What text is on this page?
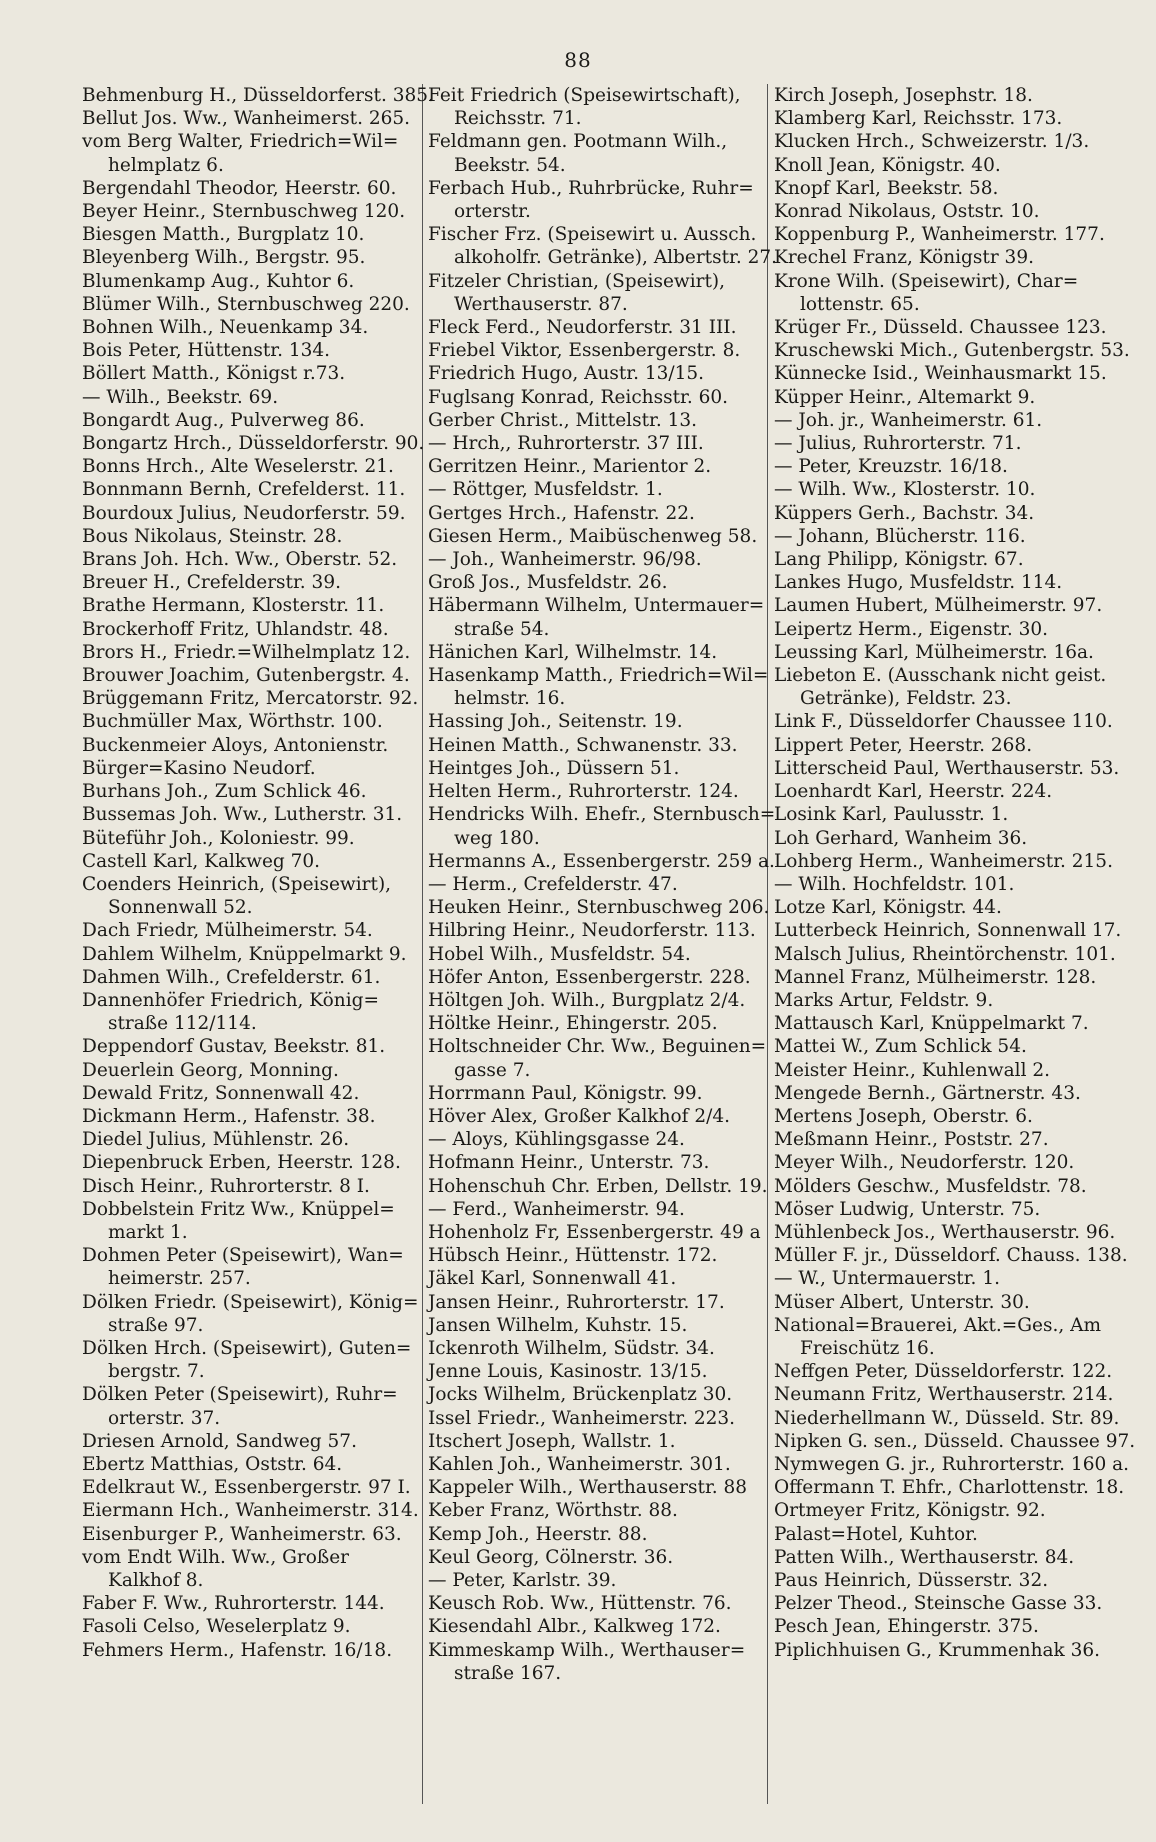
88
Behmenburg H., Düsseldorferst. 385.
Bellut Jos. Ww., Wanheimerst. 265.
vom Berg Walter, Friedrich=Wil=
helmplatz 6.
Bergendahl Theodor, Heerstr. 60.
Beyer Heinr., Sternbuschweg 120.
Biesgen Matth., Burgplatz 10.
Bleyenberg Wilh., Bergstr. 95.
Blumenkamp Aug., Kuhtor 6.
Blümer Wilh., Sternbuschweg 220.
Bohnen Wilh., Neuenkamp 34.
Bois Peter, Hüttenstr. 134.
Böllert Matth., Königst r.73.
— Wilh., Beekstr. 69.
Bongardt Aug., Pulverweg 86.
Bongartz Hrch., Düsseldorferstr. 90.
Bonns Hrch., Alte Weselerstr. 21.
Bonnmann Bernh, Crefelderst. 11.
Bourdoux Julius, Neudorferstr. 59.
Bous Nikolaus, Steinstr. 28.
Brans Joh. Hch. Ww., Oberstr. 52.
Breuer H., Crefelderstr. 39.
Brathe Hermann, Klosterstr. 11.
Brockerhoff Fritz, Uhlandstr. 48.
Brors H., Friedr.=Wilhelmplatz 12.
Brouwer Joachim, Gutenbergstr. 4.
Brüggemann Fritz, Mercatorstr. 92.
Buchmüller Max, Wörthstr. 100.
Buckenmeier Aloys, Antonienstr.
Bürger=Kasino Neudorf.
Burhans Joh., Zum Schlick 46.
Bussemas Joh. Ww., Lutherstr. 31.
Büteführ Joh., Koloniestr. 99.
Castell Karl, Kalkweg 70.
Coenders Heinrich, (Speisewirt),
Sonnenwall 52.
Dach Friedr, Mülheimerstr. 54.
Dahlem Wilhelm, Knüppelmarkt 9.
Dahmen Wilh., Crefelderstr. 61.
Dannenhöfer Friedrich, König=
straße 112/114.
Deppendorf Gustav, Beekstr. 81.
Deuerlein Georg, Monning.
Dewald Fritz, Sonnenwall 42.
Dickmann Herm., Hafenstr. 38.
Diedel Julius, Mühlenstr. 26.
Diepenbruck Erben, Heerstr. 128.
Disch Heinr., Ruhrorterstr. 8 I.
Dobbelstein Fritz Ww., Knüppel=
markt 1.
Dohmen Peter (Speisewirt), Wan=
heimerstr. 257.
Dölken Friedr. (Speisewirt), König=
straße 97.
Dölken Hrch. (Speisewirt), Guten=
bergstr. 7.
Dölken Peter (Speisewirt), Ruhr=
orterstr. 37.
Driesen Arnold, Sandweg 57.
Ebertz Matthias, Oststr. 64.
Edelkraut W., Essenbergerstr. 97 I.
Eiermann Hch., Wanheimerstr. 314.
Eisenburger P., Wanheimerstr. 63.
vom Endt Wilh. Ww., Großer
Kalkhof 8.
Faber F. Ww., Ruhrorterstr. 144.
Fasoli Celso, Weselerplatz 9.
Fehmers Herm., Hafenstr. 16/18.
Feit Friedrich (Speisewirtschaft),
Reichsstr. 71.
Feldmann gen. Pootmann Wilh.,
Beekstr. 54.
Ferbach Hub., Ruhrbrücke, Ruhr=
orterstr.
Fischer Frz. (Speisewirt u. Aussch.
alkoholfr. Getränke), Albertstr. 27.
Fitzeler Christian, (Speisewirt),
Werthauserstr. 87.
Fleck Ferd., Neudorferstr. 31 III.
Friebel Viktor, Essenbergerstr. 8.
Friedrich Hugo, Austr. 13/15.
Fuglsang Konrad, Reichsstr. 60.
Gerber Christ., Mittelstr. 13.
— Hrch,, Ruhrorterstr. 37 III.
Gerritzen Heinr., Marientor 2.
— Röttger, Musfeldstr. 1.
Gertges Hrch., Hafenstr. 22.
Giesen Herm., Maibüschenweg 58.
— Joh., Wanheimerstr. 96/98.
Groß Jos., Musfeldstr. 26.
Häbermann Wilhelm, Untermauer=
straße 54.
Hänichen Karl, Wilhelmstr. 14.
Hasenkamp Matth., Friedrich=Wil=
helmstr. 16.
Hassing Joh., Seitenstr. 19.
Heinen Matth., Schwanenstr. 33.
Heintges Joh., Düssern 51.
Helten Herm., Ruhrorterstr. 124.
Hendricks Wilh. Ehefr., Sternbusch=
weg 180.
Hermanns A., Essenbergerstr. 259 a.
— Herm., Crefelderstr. 47.
Heuken Heinr., Sternbuschweg 206.
Hilbring Heinr., Neudorferstr. 113.
Hobel Wilh., Musfeldstr. 54.
Höfer Anton, Essenbergerstr. 228.
Höltgen Joh. Wilh., Burgplatz 2/4.
Höltke Heinr., Ehingerstr. 205.
Holtschneider Chr. Ww., Beguinen=
gasse 7.
Horrmann Paul, Königstr. 99.
Höver Alex, Großer Kalkhof 2/4.
— Aloys, Kühlingsgasse 24.
Hofmann Heinr., Unterstr. 73.
Hohenschuh Chr. Erben, Dellstr. 19.
— Ferd., Wanheimerstr. 94.
Hohenholz Fr, Essenbergerstr. 49 a
Hübsch Heinr., Hüttenstr. 172.
Jäkel Karl, Sonnenwall 41.
Jansen Heinr., Ruhrorterstr. 17.
Jansen Wilhelm, Kuhstr. 15.
Ickenroth Wilhelm, Südstr. 34.
Jenne Louis, Kasinostr. 13/15.
Jocks Wilhelm, Brückenplatz 30.
Issel Friedr., Wanheimerstr. 223.
Itschert Joseph, Wallstr. 1.
Kahlen Joh., Wanheimerstr. 301.
Kappeler Wilh., Werthauserstr. 88
Keber Franz, Wörthstr. 88.
Kemp Joh., Heerstr. 88.
Keul Georg, Cölnerstr. 36.
— Peter, Karlstr. 39.
Keusch Rob. Ww., Hüttenstr. 76.
Kiesendahl Albr., Kalkweg 172.
Kimmeskamp Wilh., Werthauser=
straße 167.
Kirch Joseph, Josephstr. 18.
Klamberg Karl, Reichsstr. 173.
Klucken Hrch., Schweizerstr. 1/3.
Knoll Jean, Königstr. 40.
Knopf Karl, Beekstr. 58.
Konrad Nikolaus, Oststr. 10.
Koppenburg P., Wanheimerstr. 177.
Krechel Franz, Königstr 39.
Krone Wilh. (Speisewirt), Char=
lottenstr. 65.
Krüger Fr., Düsseld. Chaussee 123.
Kruschewski Mich., Gutenbergstr. 53.
Künnecke Isid., Weinhausmarkt 15.
Küpper Heinr., Altemarkt 9.
— Joh. jr., Wanheimerstr. 61.
— Julius, Ruhrorterstr. 71.
— Peter, Kreuzstr. 16/18.
— Wilh. Ww., Klosterstr. 10.
Küppers Gerh., Bachstr. 34.
— Johann, Blücherstr. 116.
Lang Philipp, Königstr. 67.
Lankes Hugo, Musfeldstr. 114.
Laumen Hubert, Mülheimerstr. 97.
Leipertz Herm., Eigenstr. 30.
Leussing Karl, Mülheimerstr. 16a.
Liebeton E. (Ausschank nicht geist.
Getränke), Feldstr. 23.
Link F., Düsseldorfer Chaussee 110.
Lippert Peter, Heerstr. 268.
Litterscheid Paul, Werthauserstr. 53.
Loenhardt Karl, Heerstr. 224.
Losink Karl, Paulusstr. 1.
Loh Gerhard, Wanheim 36.
Lohberg Herm., Wanheimerstr. 215.
— Wilh. Hochfeldstr. 101.
Lotze Karl, Königstr. 44.
Lutterbeck Heinrich, Sonnenwall 17.
Malsch Julius, Rheintörchenstr. 101.
Mannel Franz, Mülheimerstr. 128.
Marks Artur, Feldstr. 9.
Mattausch Karl, Knüppelmarkt 7.
Mattei W., Zum Schlick 54.
Meister Heinr., Kuhlenwall 2.
Mengede Bernh., Gärtnerstr. 43.
Mertens Joseph, Oberstr. 6.
Meßmann Heinr., Poststr. 27.
Meyer Wilh., Neudorferstr. 120.
Mölders Geschw., Musfeldstr. 78.
Möser Ludwig, Unterstr. 75.
Mühlenbeck Jos., Werthauserstr. 96.
Müller F. jr., Düsseldorf. Chauss. 138.
— W., Untermauerstr. 1.
Müser Albert, Unterstr. 30.
National=Brauerei, Akt.=Ges., Am
Freischütz 16.
Neffgen Peter, Düsseldorferstr. 122.
Neumann Fritz, Werthauserstr. 214.
Niederhellmann W., Düsseld. Str. 89.
Nipken G. sen., Düsseld. Chaussee 97.
Nymwegen G. jr., Ruhrorterstr. 160 a.
Offermann T. Ehfr., Charlottenstr. 18.
Ortmeyer Fritz, Königstr. 92.
Palast=Hotel, Kuhtor.
Patten Wilh., Werthauserstr. 84.
Paus Heinrich, Düsserstr. 32.
Pelzer Theod., Steinsche Gasse 33.
Pesch Jean, Ehingerstr. 375.
Piplichhuisen G., Krummenhak 36.
